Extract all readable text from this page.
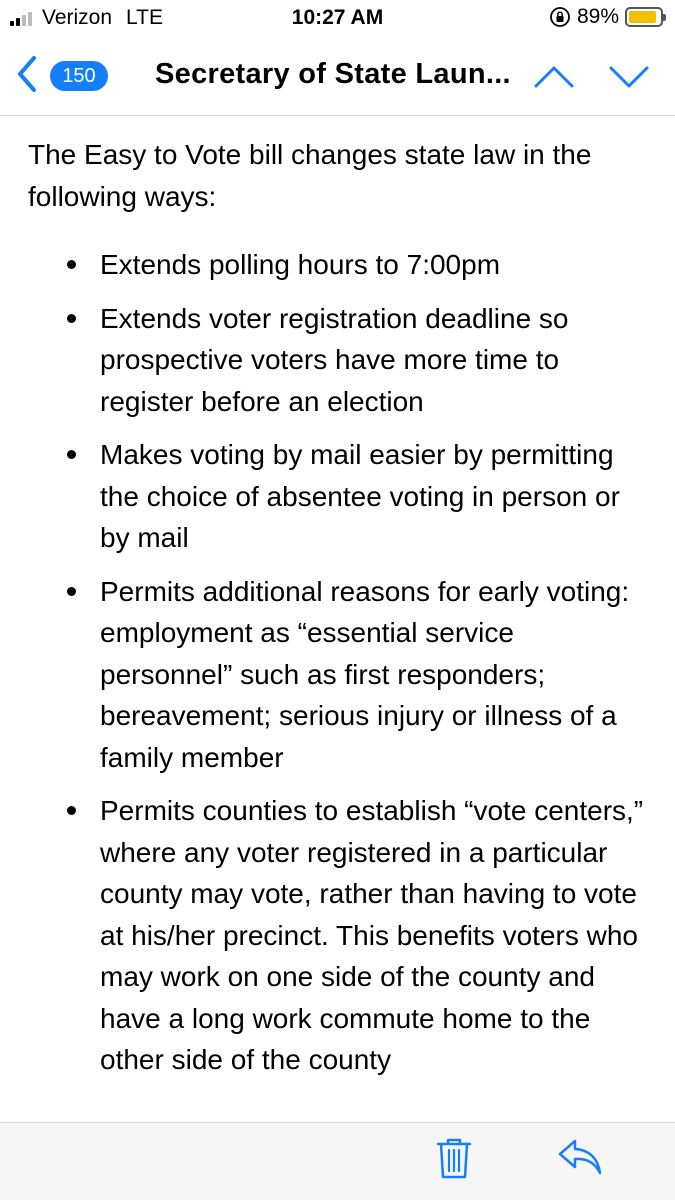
Verizon LTE	10:27 AM	89%
150	Secretary of State Laun...
The Easy to Vote bill changes state law in the following ways:
Extends polling hours to 7:00pm
Extends voter registration deadline so prospective voters have more time to register before an election
Makes voting by mail easier by permitting the choice of absentee voting in person or by mail
Permits additional reasons for early voting: employment as “essential service personnel” such as first responders; bereavement; serious injury or illness of a family member
Permits counties to establish “vote centers,” where any voter registered in a particular county may vote, rather than having to vote at his/her precinct. This benefits voters who may work on one side of the county and have a long work commute home to the other side of the county
